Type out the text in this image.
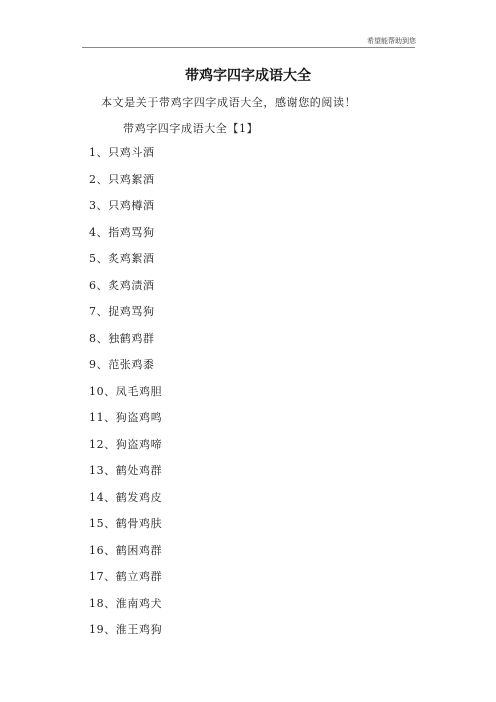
希望能帮助到您
带鸡字四字成语大全
本文是关于带鸡字四字成语大全，感谢您的阅读！
带鸡字四字成语大全【1】
1、只鸡斗酒
2、只鸡絮酒
3、只鸡樽酒
4、指鸡骂狗
5、炙鸡絮酒
6、炙鸡渍酒
7、捉鸡骂狗
8、独鹤鸡群
9、范张鸡黍
10、凤毛鸡胆
11、狗盗鸡鸣
12、狗盗鸡啼
13、鹤处鸡群
14、鹤发鸡皮
15、鹤骨鸡肤
16、鹤困鸡群
17、鹤立鸡群
18、淮南鸡犬
19、淮王鸡狗
